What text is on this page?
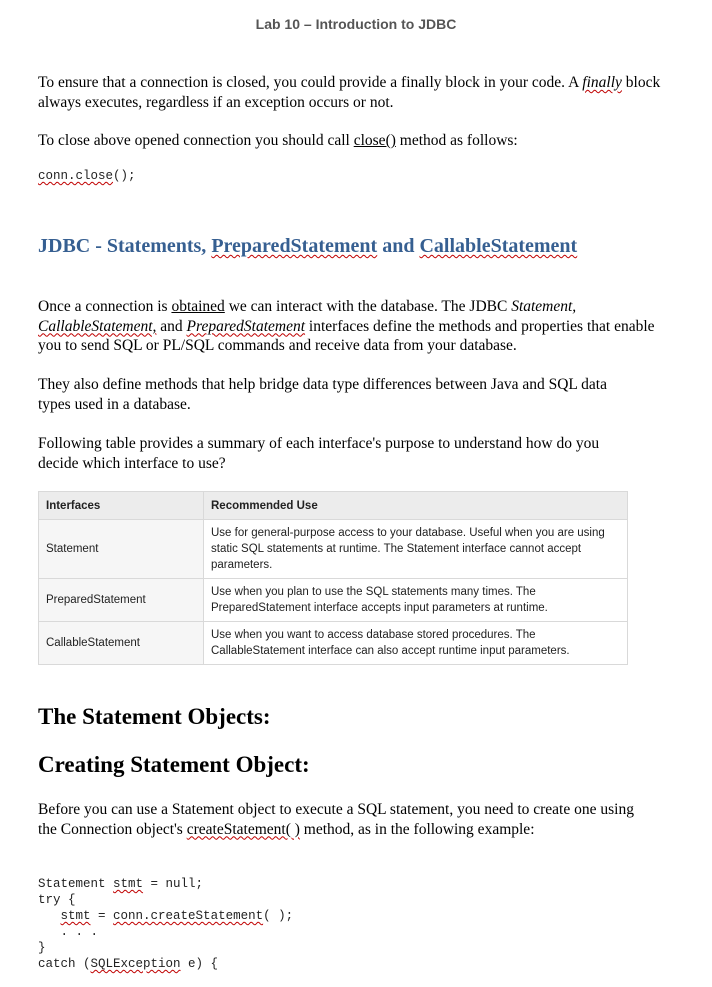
Lab 10 – Introduction to JDBC

To ensure that a connection is closed, you could provide a finally block in your code. A finally block always executes, regardless if an exception occurs or not.

To close above opened connection you should call close() method as follows:

conn.close();
JDBC - Statements, PreparedStatement and CallableStatement

Once a connection is obtained we can interact with the database. The JDBC Statement,
CallableStatement, and PreparedStatement interfaces define the methods and properties that enable you to send SQL or PL/SQL commands and receive data from your database.

They also define methods that help bridge data type differences between Java and SQL data types used in a database.

Following table provides a summary of each interface's purpose to understand how do you decide which interface to use?

The Statement Objects:
Creating Statement Object:

Before you can use a Statement object to execute a SQL statement, you need to create one using the Connection object's createStatement( ) method, as in the following example:

Statement stmt = null;
try {
stmt = conn.createStatement( );
. . .
}
catch (SQLException e) {
Interfaces	Recommended Use
Statement	Use for general-purpose access to your database. Useful when you are using static SQL statements at runtime. The Statement interface cannot accept parameters.
PreparedStatement	Use when you plan to use the SQL statements many times. The PreparedStatement interface accepts input parameters at runtime.
CallableStatement	Use when you want to access database stored procedures. The CallableStatement interface can also accept runtime input parameters.
